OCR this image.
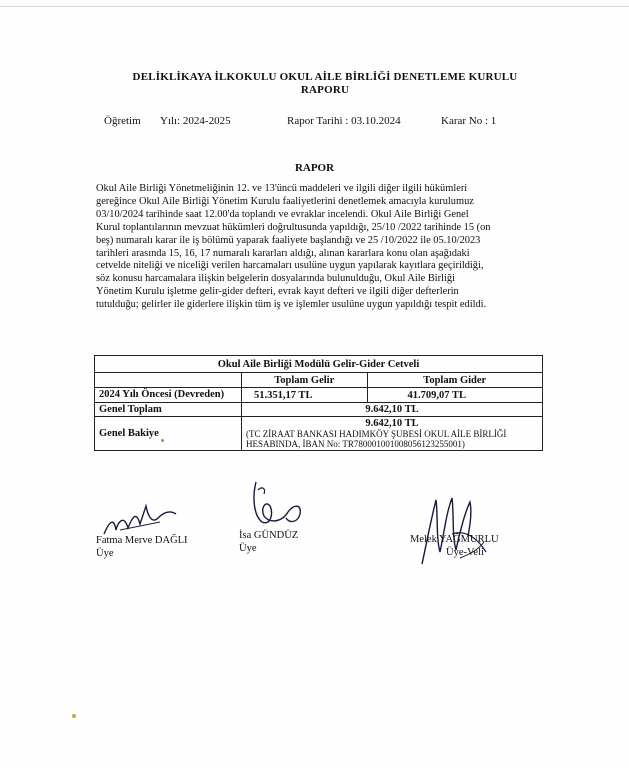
DELİKLİKAYA İLKOKULU OKUL AİLE BİRLİĞİ DENETLEME KURULU
RAPORU
Öğretim Yılı: 2024-2025	Rapor Tarihi : 03.10.2024	Karar No : 1
RAPOR
Okul Aile Birliği Yönetmeliğinin 12. ve 13'üncü maddeleri ve ilgili diğer ilgili hükümleri
gereğince Okul Aile Birliği Yönetim Kurulu faaliyetlerini denetlemek amacıyla kurulumuz
03/10/2024 tarihinde saat 12.00'da toplandı ve evraklar incelendi. Okul Aile Birliği Genel
Kurul toplantılarının mevzuat hükümleri doğrultusunda yapıldığı, 25/10 /2022 tarihinde 15 (on
beş) numaralı karar ile iş bölümü yaparak faaliyete başlandığı ve 25 /10/2022 ile 05.10/2023
tarihleri arasında 15, 16, 17 numaralı kararları aldığı, alınan kararlara konu olan aşağıdaki
cetvelde niteliği ve niceliği verilen harcamaları usulüne uygun yapılarak kayıtlara geçirildiği,
söz konusu harcamalara ilişkin belgelerin dosyalarında bulunulduğu, Okul Aile Birliği
Yönetim Kurulu işletme gelir-gider defteri, evrak kayıt defteri ve ilgili diğer defterlerin
tutulduğu; gelirler ile giderlere ilişkin tüm iş ve işlemler usulüne uygun yapıldığı tespit edildi.
Okul Aile Birliği Modülü Gelir-Gider Cetveli		
	Toplam Gelir	Toplam Gider
2024 Yılı Öncesi (Devreden)	51.351,17 TL	41.709,07 TL
Genel Toplam	9.642,10 TL	
Genel Bakiye	9.642,10 TL
(TC ZİRAAT BANKASI HADIMKÖY ŞUBESİ OKUL AİLE BİRLİĞİ HESABINDA, İBAN No: TR780001001008056123255001)	
Fatma Merve DAĞLI
Üye
İsa GÜNDÜZ
Üye
Melek YAĞMURLU
Üye-Veli
